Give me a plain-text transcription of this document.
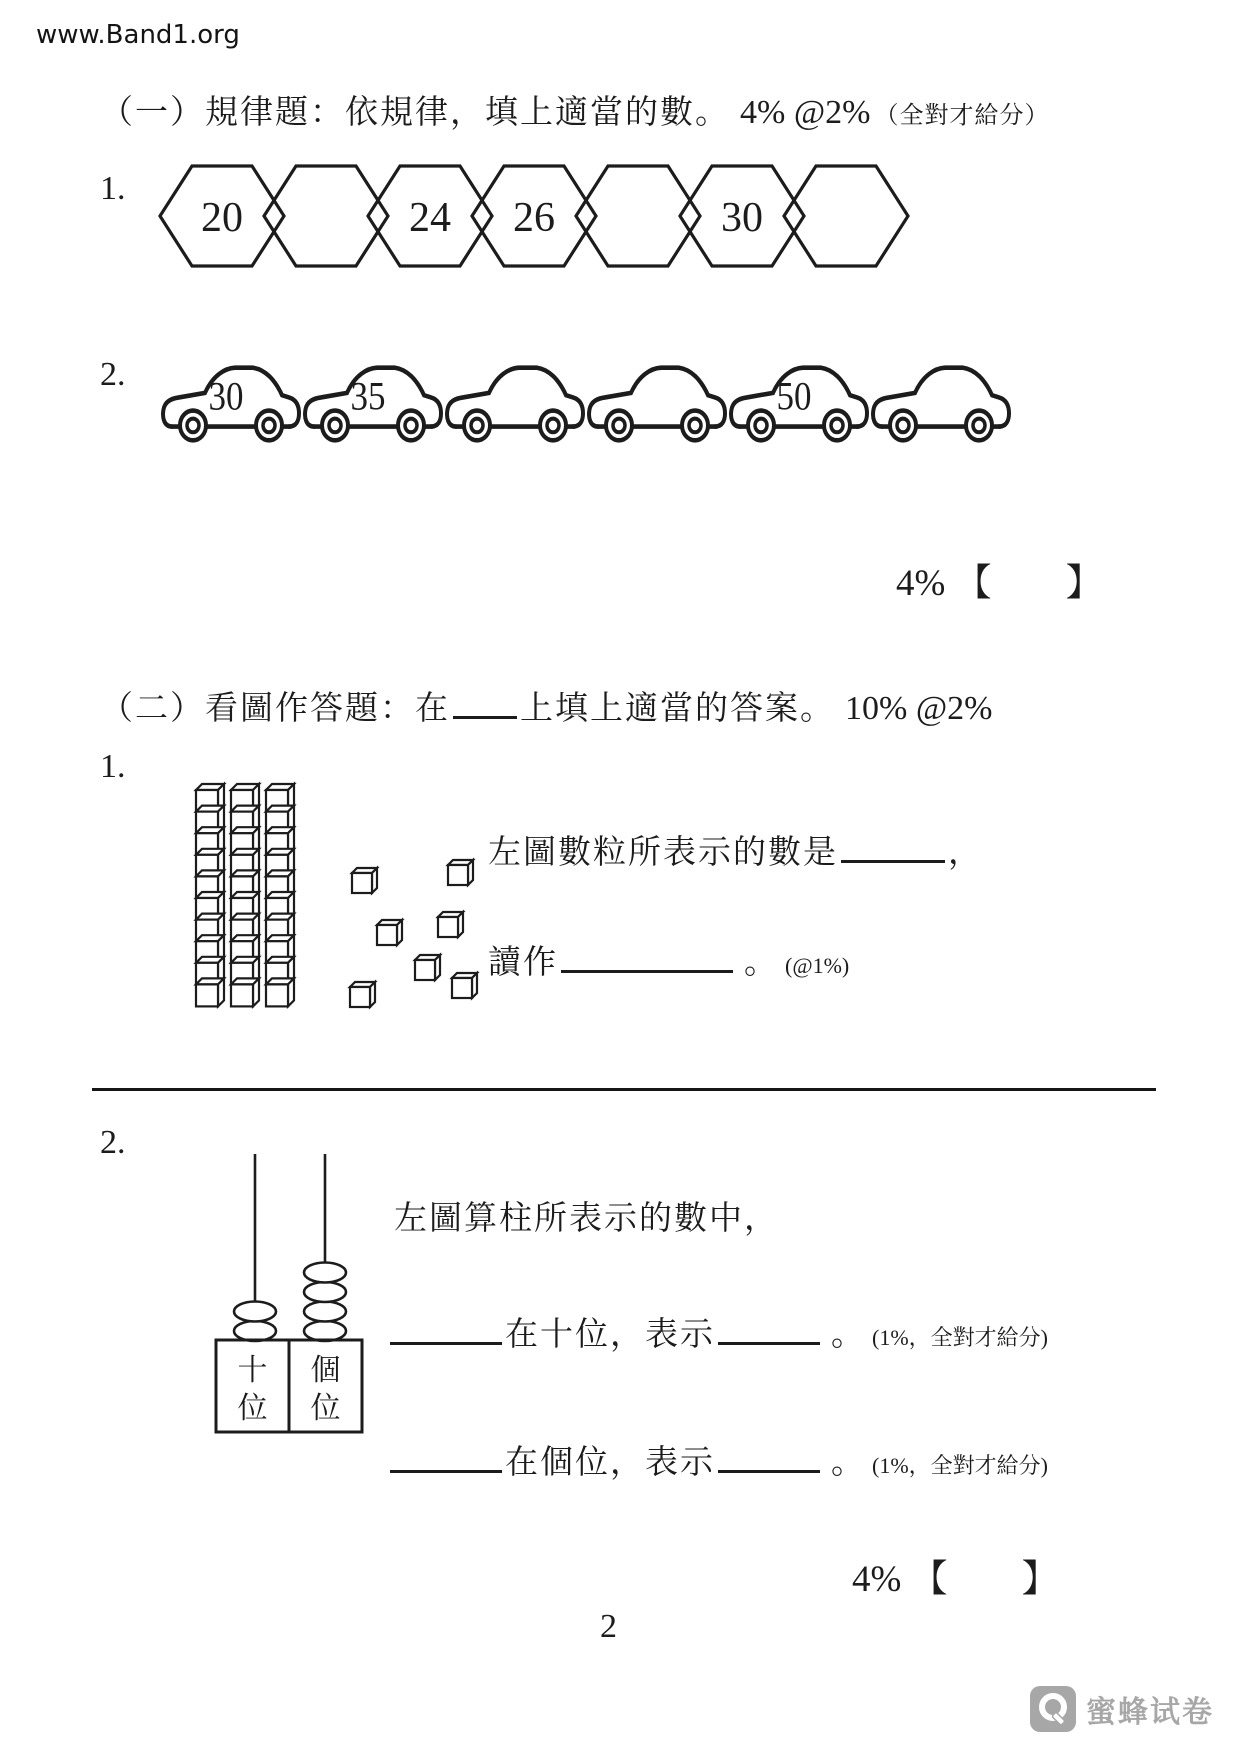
www.Band1.org
（一）規律題：依規律，填上適當的數。 4% @2% （全對才給分）
1.
20	24 26	30
2.
30	35	50
4% 【 】
（二）看圖作答題：在 上填上適當的答案。 10% @2%
1.
左圖數粒所表示的數是	，
讀作	。 (@1%)
2.
十
位
個
位
左圖算柱所表示的數中，
在十位，表示	。 (1%，全對才給分)
在個位，表示	。 (1%，全對才給分)
4% 【 】
2
蜜蜂试卷
